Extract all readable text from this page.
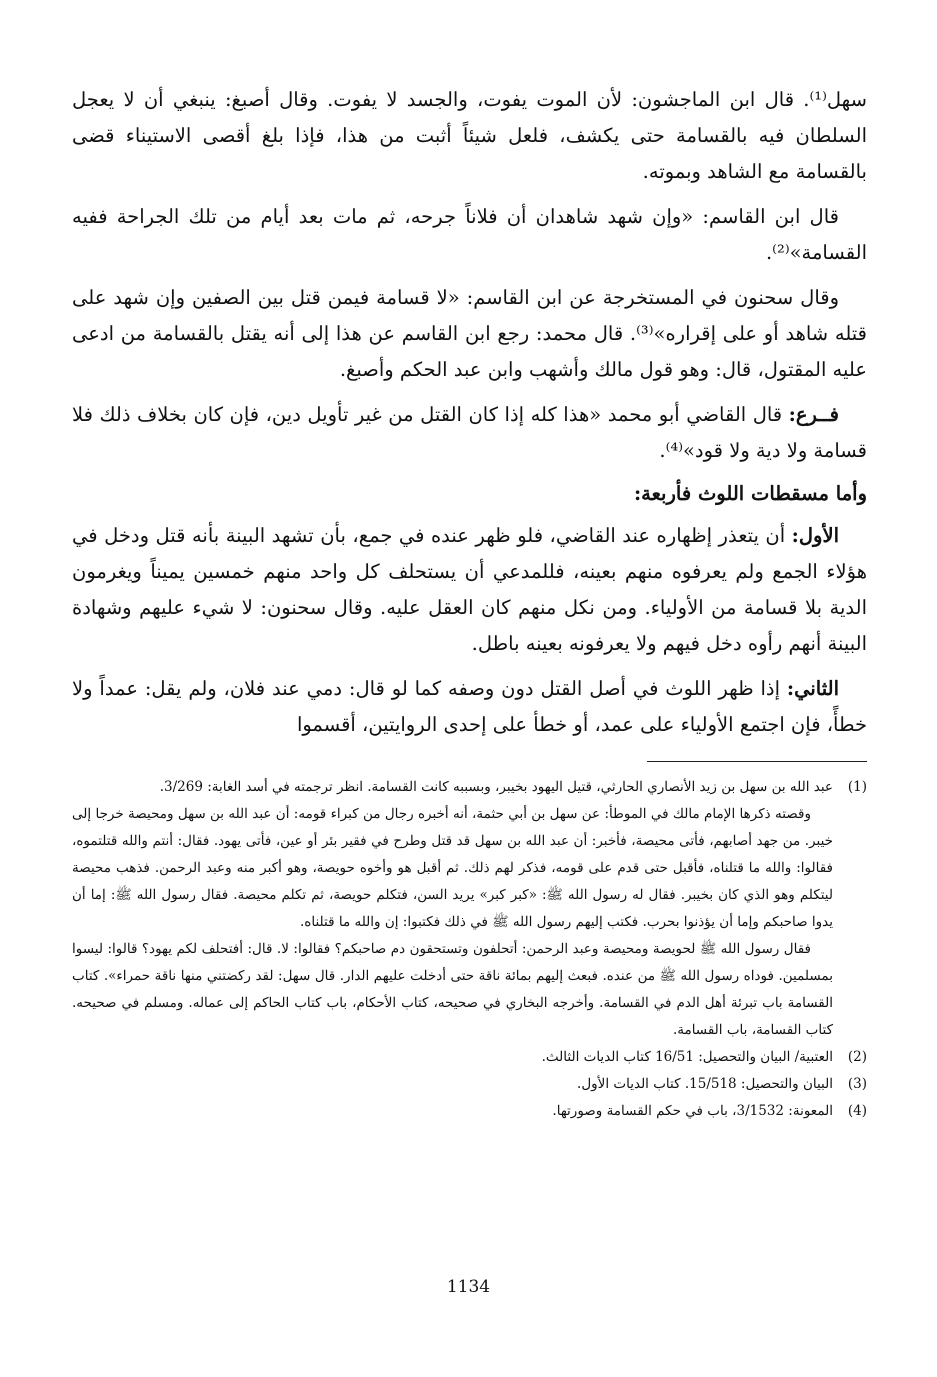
سهل⁽¹⁾. قال ابن الماجشون: لأن الموت يفوت، والجسد لا يفوت. وقال أصبغ: ينبغي أن لا يعجل السلطان فيه بالقسامة حتى يكشف، فلعل شيئاً أثبت من هذا، فإذا بلغ أقصى الاستيناء قضى بالقسامة مع الشاهد وبموته.

قال ابن القاسم: «وإن شهد شاهدان أن فلاناً جرحه، ثم مات بعد أيام من تلك الجراحة ففيه القسامة»⁽²⁾.

وقال سحنون في المستخرجة عن ابن القاسم: «لا قسامة فيمن قتل بين الصفين وإن شهد على قتله شاهد أو على إقراره»⁽³⁾. قال محمد: رجع ابن القاسم عن هذا إلى أنه يقتل بالقسامة من ادعى عليه المقتول، قال: وهو قول مالك وأشهب وابن عبد الحكم وأصبغ.

فــرع: قال القاضي أبو محمد «هذا كله إذا كان القتل من غير تأويل دين، فإن كان بخلاف ذلك فلا قسامة ولا دية ولا قود»⁽⁴⁾.

وأما مسقطات اللوث فأربعة:

الأول: أن يتعذر إظهاره عند القاضي، فلو ظهر عنده في جمع، بأن تشهد البينة بأنه قتل ودخل في هؤلاء الجمع ولم يعرفوه منهم بعينه، فللمدعي أن يستحلف كل واحد منهم خمسين يميناً ويغرمون الدية بلا قسامة من الأولياء. ومن نكل منهم كان العقل عليه. وقال سحنون: لا شيء عليهم وشهادة البينة أنهم رأوه دخل فيهم ولا يعرفونه بعينه باطل.

الثاني: إذا ظهر اللوث في أصل القتل دون وصفه كما لو قال: دمي عند فلان، ولم يقل: عمداً ولا خطأً، فإن اجتمع الأولياء على عمد، أو خطأ على إحدى الروايتين، أقسموا

(1)
عبد الله بن سهل بن زيد الأنصاري الحارثي، قتيل اليهود بخيبر، وبسببه كانت القسامة. انظر ترجمته في أسد الغابة: 3/269.

وقصته ذكرها الإمام مالك في الموطأ: عن سهل بن أبي حثمة، أنه أخبره رجال من كبراء قومه: أن عبد الله بن سهل ومحيصة خرجا إلى خيبر. من جهد أصابهم، فأتى محيصة، فأخبر: أن عبد الله بن سهل قد قتل وطرح في فقير بئر أو عين، فأتى يهود. فقال: أنتم والله قتلتموه، فقالوا: والله ما قتلناه، فأقبل حتى قدم على قومه، فذكر لهم ذلك. ثم أقبل هو وأخوه حويصة، وهو أكبر منه وعبد الرحمن. فذهب محيصة ليتكلم وهو الذي كان بخيبر. فقال له رسول الله ﷺ: «كبر كبر» يريد السن، فتكلم حويصة، ثم تكلم محيصة. فقال رسول الله ﷺ: إما أن يدوا صاحبكم وإما أن يؤذنوا بحرب. فكتب إليهم رسول الله ﷺ في ذلك فكتبوا: إن والله ما قتلناه.

فقال رسول الله ﷺ لحويصة ومحيصة وعبد الرحمن: أتحلفون وتستحقون دم صاحبكم؟ فقالوا: لا. قال: أفتحلف لكم يهود؟ قالوا: ليسوا بمسلمين. فوداه رسول الله ﷺ من عنده. فبعث إليهم بمائة ناقة حتى أدخلت عليهم الدار. قال سهل: لقد ركضتني منها ناقة حمراء». كتاب القسامة باب تبرئة أهل الدم في القسامة. وأخرجه البخاري في صحيحه، كتاب الأحكام، باب كتاب الحاكم إلى عماله. ومسلم في صحيحه. كتاب القسامة، باب القسامة.

(2)
العتبية/ البيان والتحصيل: 16/51 كتاب الديات الثالث.
(3)
البيان والتحصيل: 15/518. كتاب الديات الأول.
(4)
المعونة: 3/1532، باب في حكم القسامة وصورتها.
1134
